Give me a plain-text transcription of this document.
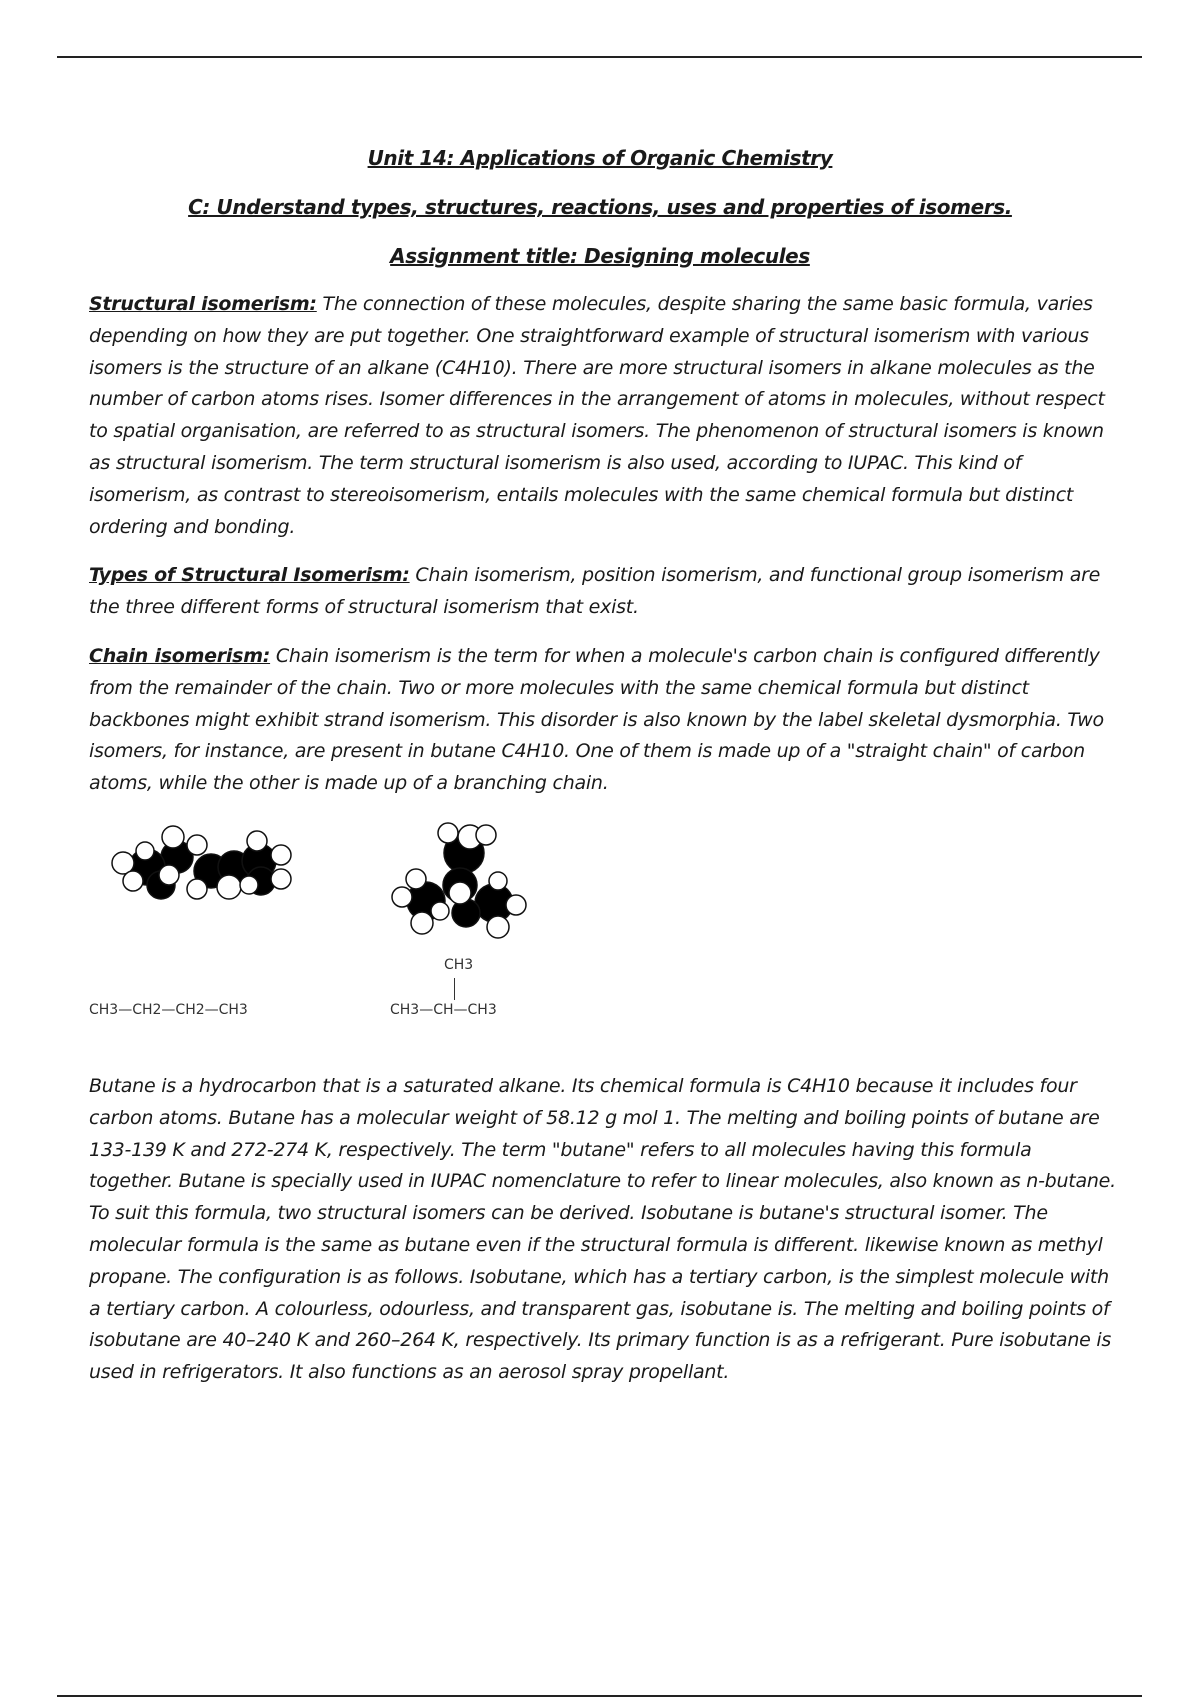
Unit 14: Applications of Organic Chemistry
C: Understand types, structures, reactions, uses and properties of isomers.
Assignment title: Designing molecules

Structural isomerism: The connection of these molecules, despite sharing the same basic formula, varies depending on how they are put together. One straightforward example of structural isomerism with various isomers is the structure of an alkane (C4H10). There are more structural isomers in alkane molecules as the number of carbon atoms rises. Isomer differences in the arrangement of atoms in molecules, without respect to spatial organisation, are referred to as structural isomers. The phenomenon of structural isomers is known as structural isomerism. The term structural isomerism is also used, according to IUPAC. This kind of isomerism, as contrast to stereoisomerism, entails molecules with the same chemical formula but distinct ordering and bonding.

Types of Structural Isomerism: Chain isomerism, position isomerism, and functional group isomerism are the three different forms of structural isomerism that exist.

Chain isomerism: Chain isomerism is the term for when a molecule's carbon chain is configured differently from the remainder of the chain. Two or more molecules with the same chemical formula but distinct backbones might exhibit strand isomerism. This disorder is also known by the label skeletal dysmorphia. Two isomers, for instance, are present in butane C4H10. One of them is made up of a "straight chain" of carbon atoms, while the other is made up of a branching chain.

CH3—CH2—CH2—CH3
CH3
CH3—CH—CH3

Butane is a hydrocarbon that is a saturated alkane. Its chemical formula is C4H10 because it includes four carbon atoms. Butane has a molecular weight of 58.12 g mol 1. The melting and boiling points of butane are 133-139 K and 272-274 K, respectively. The term "butane" refers to all molecules having this formula together. Butane is specially used in IUPAC nomenclature to refer to linear molecules, also known as n-butane. To suit this formula, two structural isomers can be derived. Isobutane is butane's structural isomer. The molecular formula is the same as butane even if the structural formula is different. likewise known as methyl propane. The configuration is as follows. Isobutane, which has a tertiary carbon, is the simplest molecule with a tertiary carbon. A colourless, odourless, and transparent gas, isobutane is. The melting and boiling points of isobutane are 40–240 K and 260–264 K, respectively. Its primary function is as a refrigerant. Pure isobutane is used in refrigerators. It also functions as an aerosol spray propellant.
